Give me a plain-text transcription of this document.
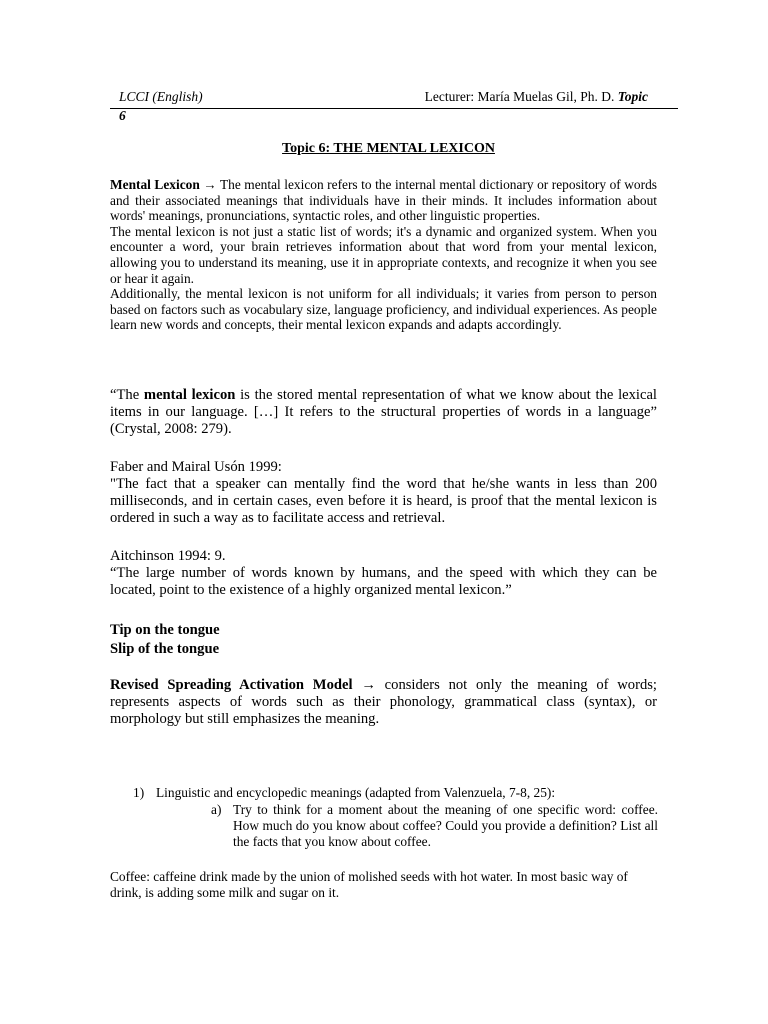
LCCI (English)	Lecturer: María Muelas Gil, Ph. D. Topic
6
Topic 6: THE MENTAL LEXICON

Mental Lexicon → The mental lexicon refers to the internal mental dictionary or repository of words and their associated meanings that individuals have in their minds. It includes information about words' meanings, pronunciations, syntactic roles, and other linguistic properties.

The mental lexicon is not just a static list of words; it's a dynamic and organized system. When you encounter a word, your brain retrieves information about that word from your mental lexicon, allowing you to understand its meaning, use it in appropriate contexts, and recognize it when you see or hear it again.

Additionally, the mental lexicon is not uniform for all individuals; it varies from person to person based on factors such as vocabulary size, language proficiency, and individual experiences. As people learn new words and concepts, their mental lexicon expands and adapts accordingly.

“The mental lexicon is the stored mental representation of what we know about the lexical items in our language. […] It refers to the structural properties of words in a language” (Crystal, 2008: 279).

Faber and Mairal Usón 1999:

"The fact that a speaker can mentally find the word that he/she wants in less than 200 milliseconds, and in certain cases, even before it is heard, is proof that the mental lexicon is ordered in such a way as to facilitate access and retrieval.

Aitchinson 1994: 9.

“The large number of words known by humans, and the speed with which they can be located, point to the existence of a highly organized mental lexicon.”

Tip on the tongue

Slip of the tongue

Revised Spreading Activation Model → considers not only the meaning of words; represents aspects of words such as their phonology, grammatical class (syntax), or morphology but still emphasizes the meaning.

1) Linguistic and encyclopedic meanings (adapted from Valenzuela, 7-8, 25):
a) Try to think for a moment about the meaning of one specific word: coffee. How much do you know about coffee? Could you provide a definition? List all the facts that you know about coffee.

Coffee: caffeine drink made by the union of molished seeds with hot water. In most basic way of drink, is adding some milk and sugar on it.
